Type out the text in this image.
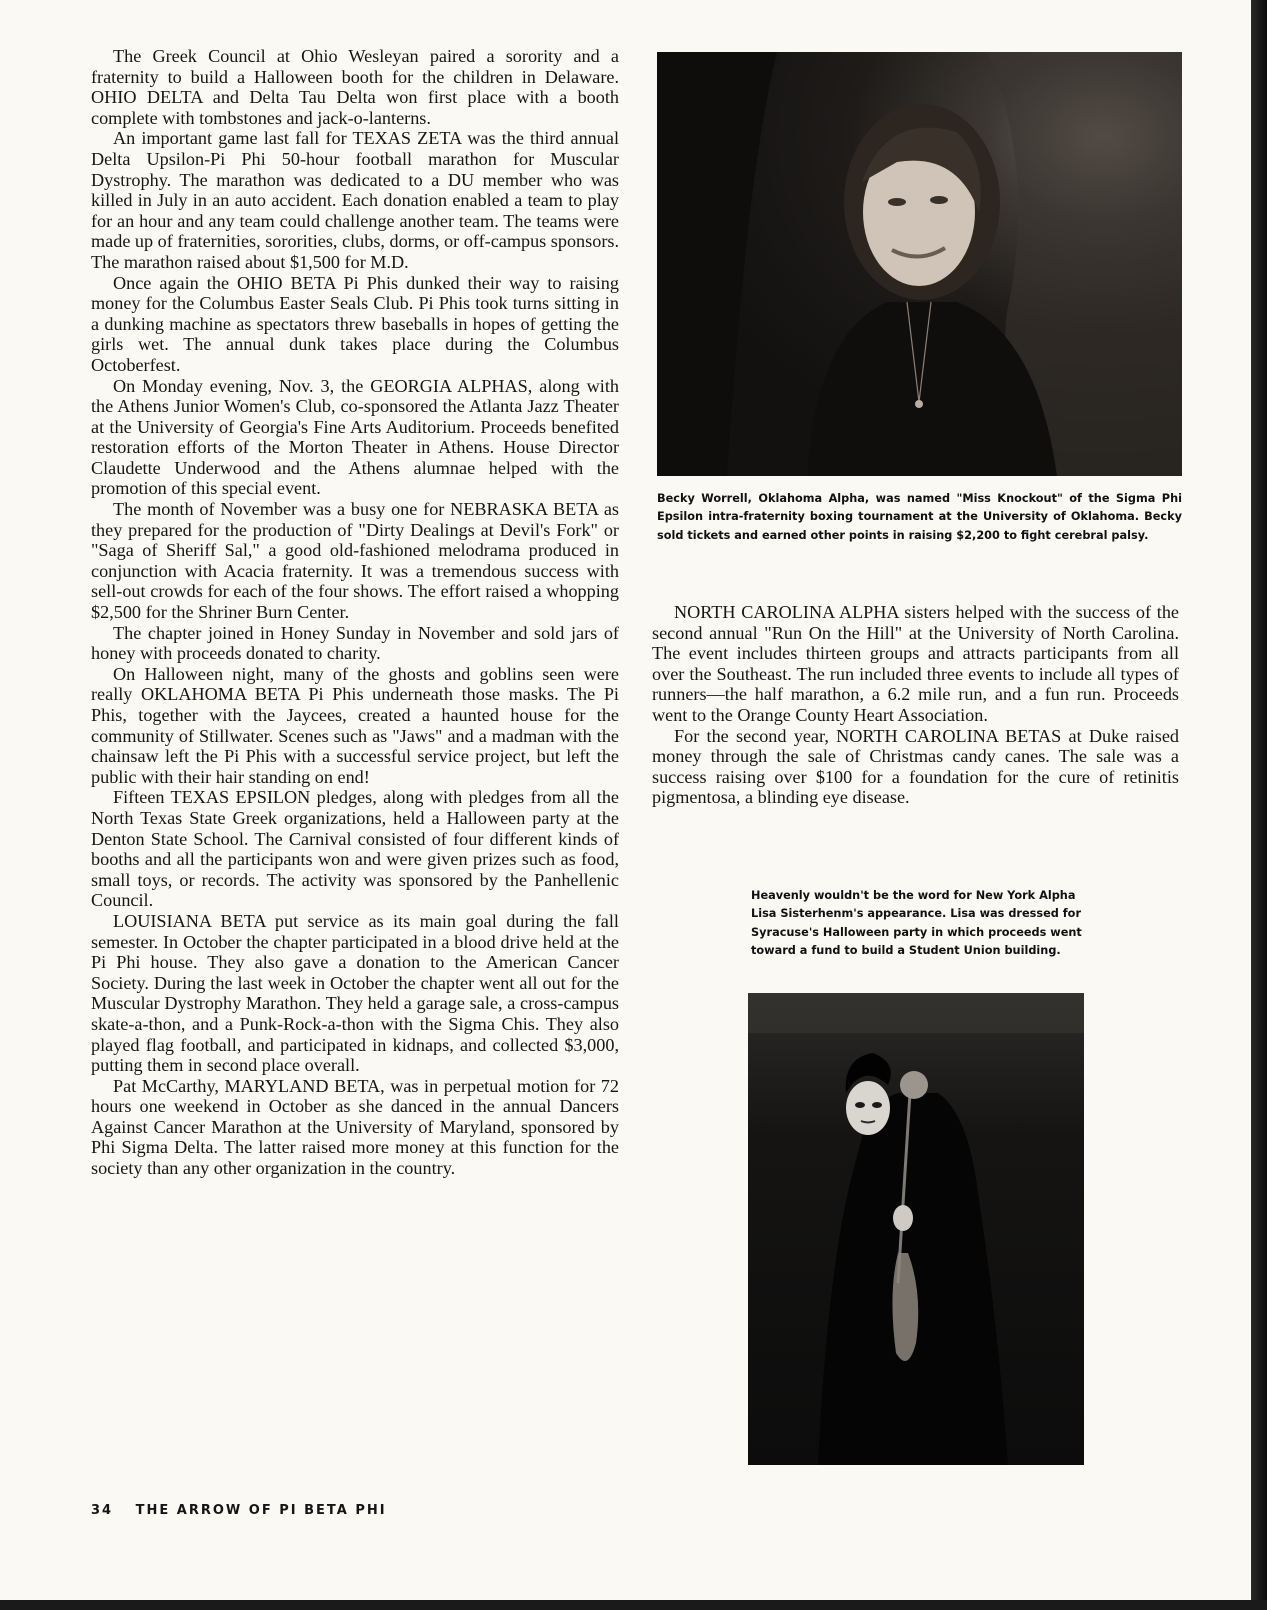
The Greek Council at Ohio Wesleyan paired a sorority and a fraternity to build a Halloween booth for the children in Delaware. OHIO DELTA and Delta Tau Delta won first place with a booth complete with tombstones and jack-o-lanterns.

An important game last fall for TEXAS ZETA was the third annual Delta Upsilon-Pi Phi 50-hour football marathon for Muscular Dystrophy. The marathon was dedicated to a DU member who was killed in July in an auto accident. Each donation enabled a team to play for an hour and any team could challenge another team. The teams were made up of fraternities, sororities, clubs, dorms, or off-campus sponsors. The marathon raised about $1,500 for M.D.

Once again the OHIO BETA Pi Phis dunked their way to raising money for the Columbus Easter Seals Club. Pi Phis took turns sitting in a dunking machine as spectators threw baseballs in hopes of getting the girls wet. The annual dunk takes place during the Columbus Octoberfest.

On Monday evening, Nov. 3, the GEORGIA ALPHAS, along with the Athens Junior Women's Club, co-sponsored the Atlanta Jazz Theater at the University of Georgia's Fine Arts Auditorium. Proceeds benefited restoration efforts of the Morton Theater in Athens. House Director Claudette Underwood and the Athens alumnae helped with the promotion of this special event.

The month of November was a busy one for NEBRASKA BETA as they prepared for the production of "Dirty Dealings at Devil's Fork" or "Saga of Sheriff Sal," a good old-fashioned melodrama produced in conjunction with Acacia fraternity. It was a tremendous success with sell-out crowds for each of the four shows. The effort raised a whopping $2,500 for the Shriner Burn Center.

The chapter joined in Honey Sunday in November and sold jars of honey with proceeds donated to charity.

On Halloween night, many of the ghosts and goblins seen were really OKLAHOMA BETA Pi Phis underneath those masks. The Pi Phis, together with the Jaycees, created a haunted house for the community of Stillwater. Scenes such as "Jaws" and a madman with the chainsaw left the Pi Phis with a successful service project, but left the public with their hair standing on end!

Fifteen TEXAS EPSILON pledges, along with pledges from all the North Texas State Greek organizations, held a Halloween party at the Denton State School. The Carnival consisted of four different kinds of booths and all the participants won and were given prizes such as food, small toys, or records. The activity was sponsored by the Panhellenic Council.

LOUISIANA BETA put service as its main goal during the fall semester. In October the chapter participated in a blood drive held at the Pi Phi house. They also gave a donation to the American Cancer Society. During the last week in October the chapter went all out for the Muscular Dystrophy Marathon. They held a garage sale, a cross-campus skate-a-thon, and a Punk-Rock-a-thon with the Sigma Chis. They also played flag football, and participated in kidnaps, and collected $3,000, putting them in second place overall.

Pat McCarthy, MARYLAND BETA, was in perpetual motion for 72 hours one weekend in October as she danced in the annual Dancers Against Cancer Marathon at the University of Maryland, sponsored by Phi Sigma Delta. The latter raised more money at this function for the society than any other organization in the country.

Becky Worrell, Oklahoma Alpha, was named "Miss Knockout" of the Sigma Phi Epsilon intra-fraternity boxing tournament at the University of Oklahoma. Becky sold tickets and earned other points in raising $2,200 to fight cerebral palsy.

NORTH CAROLINA ALPHA sisters helped with the success of the second annual "Run On the Hill" at the University of North Carolina. The event includes thirteen groups and attracts participants from all over the Southeast. The run included three events to include all types of runners—the half marathon, a 6.2 mile run, and a fun run. Proceeds went to the Orange County Heart Association.

For the second year, NORTH CAROLINA BETAS at Duke raised money through the sale of Christmas candy canes. The sale was a success raising over $100 for a foundation for the cure of retinitis pigmentosa, a blinding eye disease.

Heavenly wouldn't be the word for New York Alpha Lisa Sisterhenm's appearance. Lisa was dressed for Syracuse's Halloween party in which proceeds went toward a fund to build a Student Union building.
34 THE ARROW OF PI BETA PHI
